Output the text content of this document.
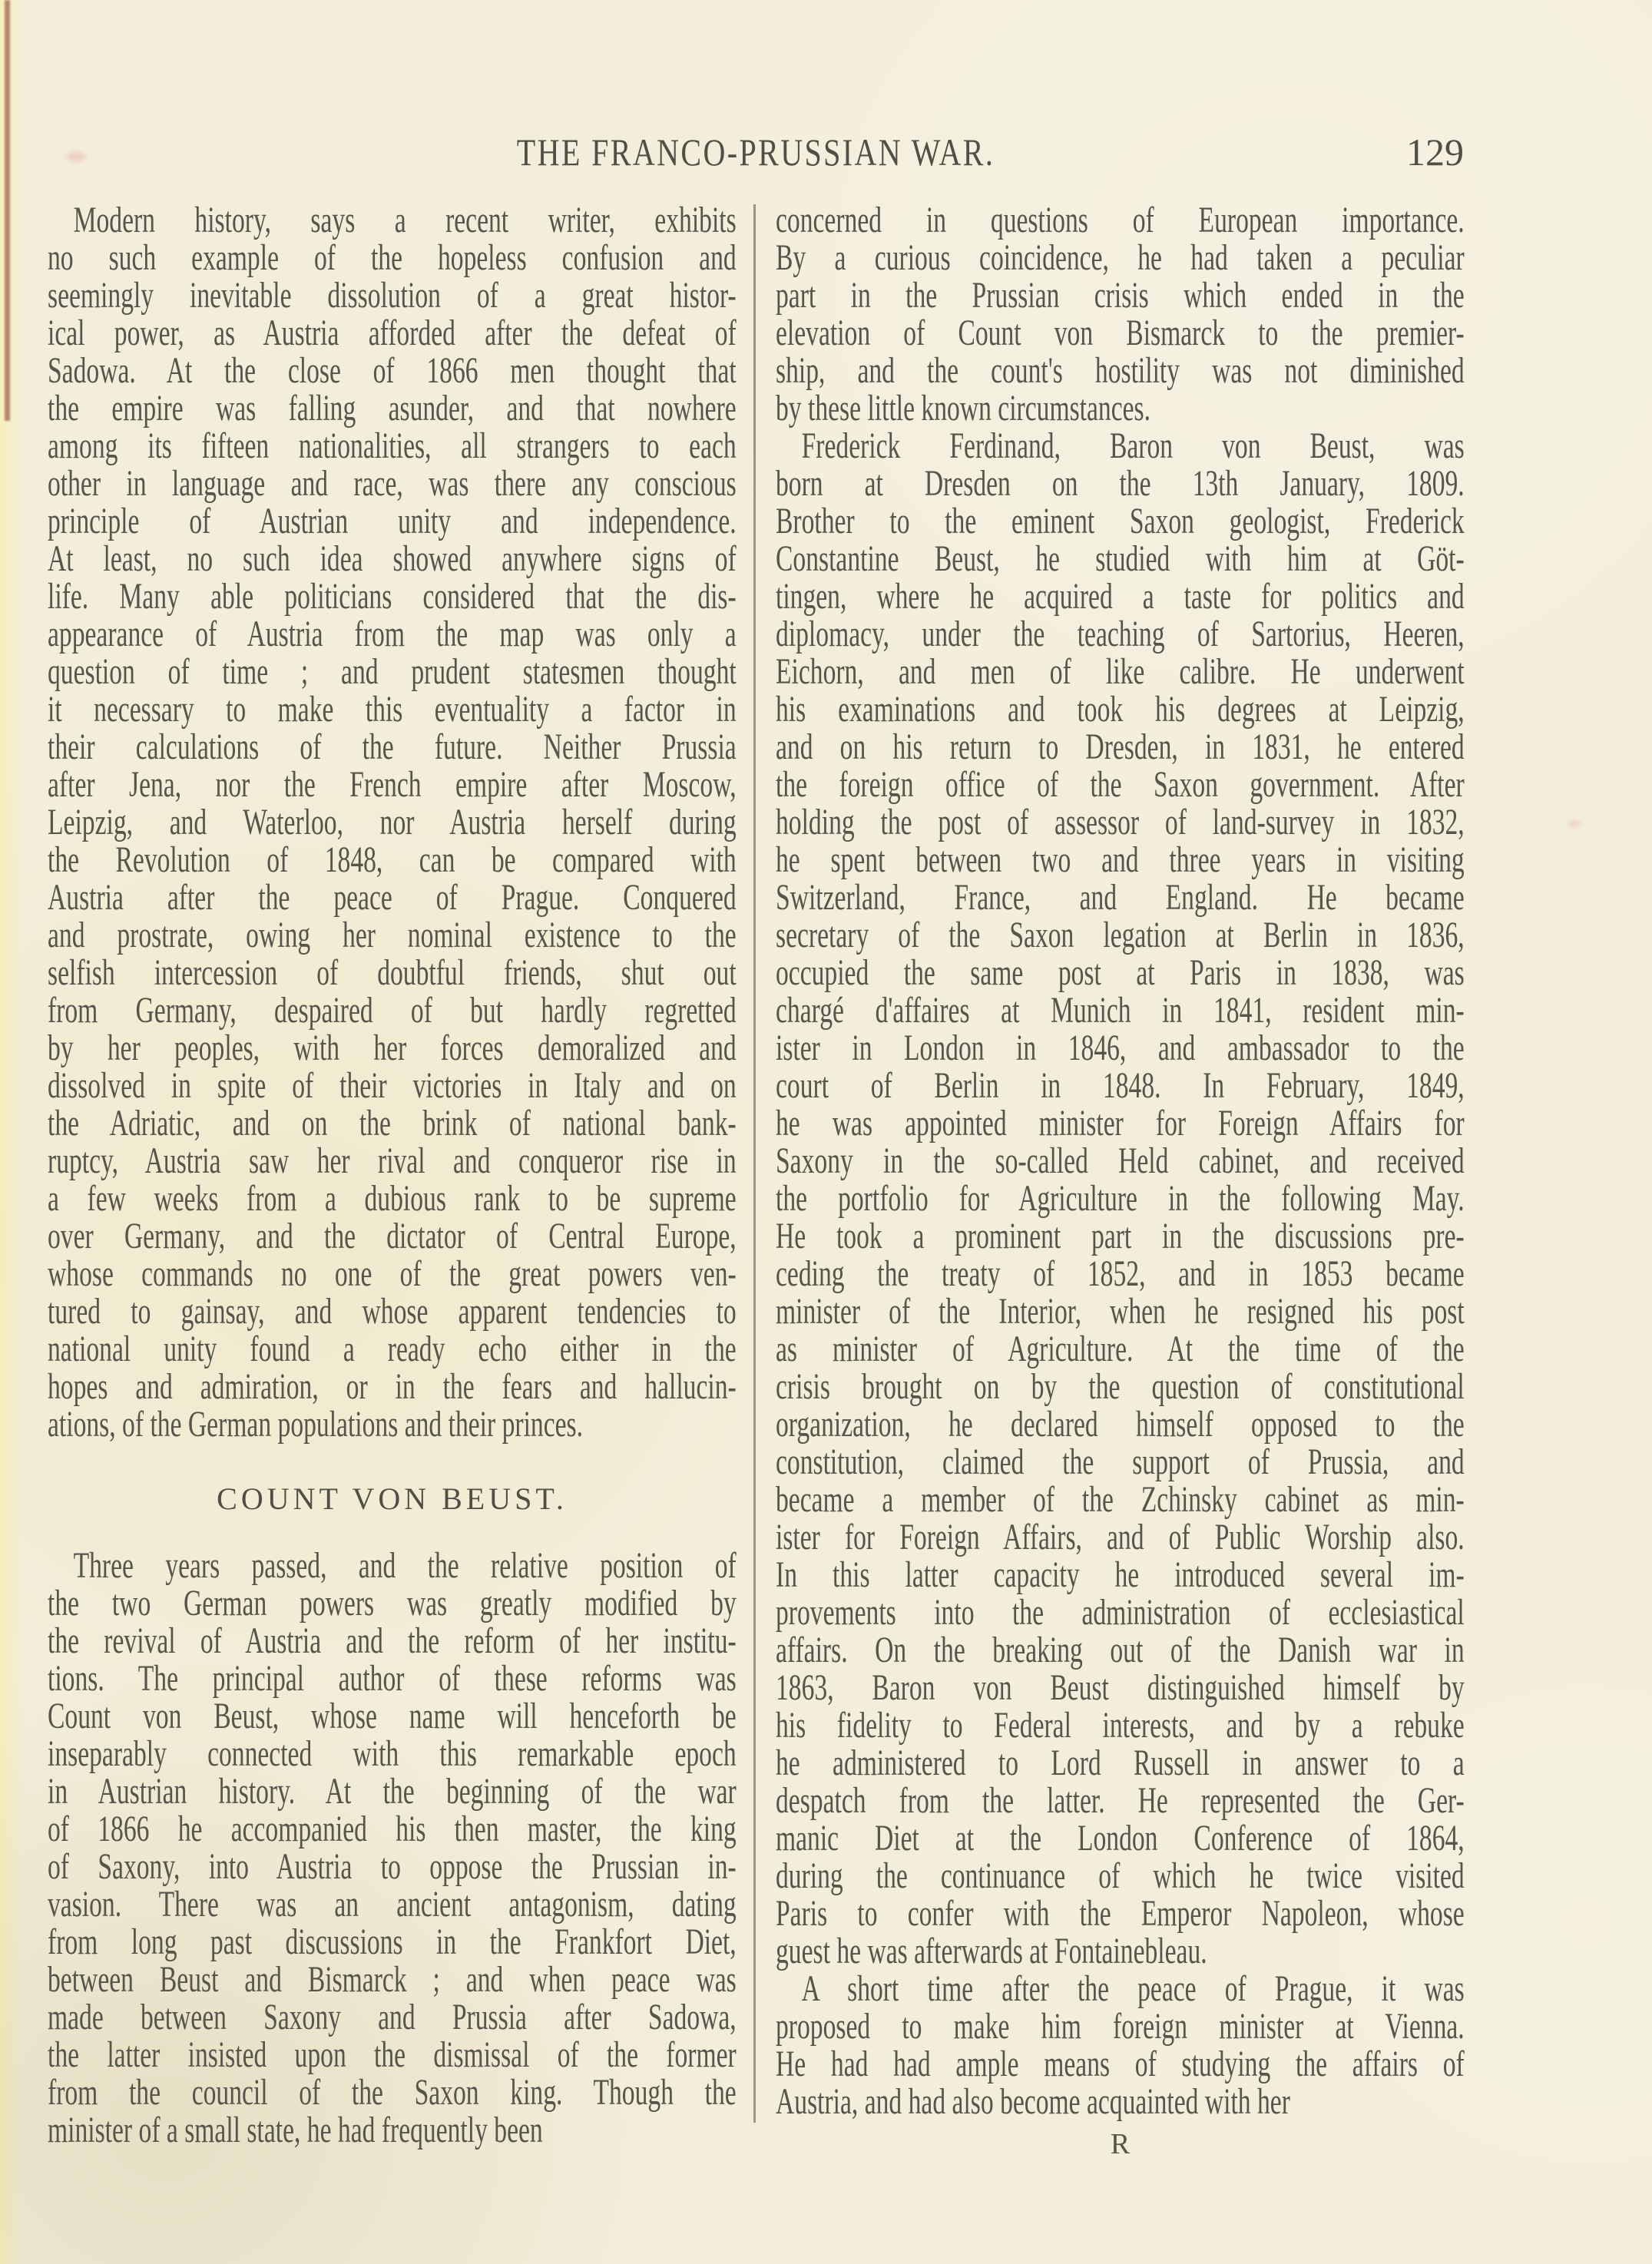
THE FRANCO-PRUSSIAN WAR.	129
Modern history, says a recent writer, exhibits
no such example of the hopeless confusion and
seemingly inevitable dissolution of a great histor-
ical power, as Austria afforded after the defeat of
Sadowa. At the close of 1866 men thought that
the empire was falling asunder, and that nowhere
among its fifteen nationalities, all strangers to each
other in language and race, was there any conscious
principle of Austrian unity and independence.
At least, no such idea showed anywhere signs of
life. Many able politicians considered that the dis-
appearance of Austria from the map was only a
question of time ; and prudent statesmen thought
it necessary to make this eventuality a factor in
their calculations of the future. Neither Prussia
after Jena, nor the French empire after Moscow,
Leipzig, and Waterloo, nor Austria herself during
the Revolution of 1848, can be compared with
Austria after the peace of Prague. Conquered
and prostrate, owing her nominal existence to the
selfish intercession of doubtful friends, shut out
from Germany, despaired of but hardly regretted
by her peoples, with her forces demoralized and
dissolved in spite of their victories in Italy and on
the Adriatic, and on the brink of national bank-
ruptcy, Austria saw her rival and conqueror rise in
a few weeks from a dubious rank to be supreme
over Germany, and the dictator of Central Europe,
whose commands no one of the great powers ven-
tured to gainsay, and whose apparent tendencies to
national unity found a ready echo either in the
hopes and admiration, or in the fears and hallucin-
ations, of the German populations and their princes.
COUNT VON BEUST.
Three years passed, and the relative position of
the two German powers was greatly modified by
the revival of Austria and the reform of her institu-
tions. The principal author of these reforms was
Count von Beust, whose name will henceforth be
inseparably connected with this remarkable epoch
in Austrian history. At the beginning of the war
of 1866 he accompanied his then master, the king
of Saxony, into Austria to oppose the Prussian in-
vasion. There was an ancient antagonism, dating
from long past discussions in the Frankfort Diet,
between Beust and Bismarck ; and when peace was
made between Saxony and Prussia after Sadowa,
the latter insisted upon the dismissal of the former
from the council of the Saxon king. Though the
minister of a small state, he had frequently been
concerned in questions of European importance.
By a curious coincidence, he had taken a peculiar
part in the Prussian crisis which ended in the
elevation of Count von Bismarck to the premier-
ship, and the count's hostility was not diminished
by these little known circumstances.
Frederick Ferdinand, Baron von Beust, was
born at Dresden on the 13th January, 1809.
Brother to the eminent Saxon geologist, Frederick
Constantine Beust, he studied with him at Göt-
tingen, where he acquired a taste for politics and
diplomacy, under the teaching of Sartorius, Heeren,
Eichorn, and men of like calibre. He underwent
his examinations and took his degrees at Leipzig,
and on his return to Dresden, in 1831, he entered
the foreign office of the Saxon government. After
holding the post of assessor of land-survey in 1832,
he spent between two and three years in visiting
Switzerland, France, and England. He became
secretary of the Saxon legation at Berlin in 1836,
occupied the same post at Paris in 1838, was
chargé d'affaires at Munich in 1841, resident min-
ister in London in 1846, and ambassador to the
court of Berlin in 1848. In February, 1849,
he was appointed minister for Foreign Affairs for
Saxony in the so-called Held cabinet, and received
the portfolio for Agriculture in the following May.
He took a prominent part in the discussions pre-
ceding the treaty of 1852, and in 1853 became
minister of the Interior, when he resigned his post
as minister of Agriculture. At the time of the
crisis brought on by the question of constitutional
organization, he declared himself opposed to the
constitution, claimed the support of Prussia, and
became a member of the Zchinsky cabinet as min-
ister for Foreign Affairs, and of Public Worship also.
In this latter capacity he introduced several im-
provements into the administration of ecclesiastical
affairs. On the breaking out of the Danish war in
1863, Baron von Beust distinguished himself by
his fidelity to Federal interests, and by a rebuke
he administered to Lord Russell in answer to a
despatch from the latter. He represented the Ger-
manic Diet at the London Conference of 1864,
during the continuance of which he twice visited
Paris to confer with the Emperor Napoleon, whose
guest he was afterwards at Fontainebleau.
A short time after the peace of Prague, it was
proposed to make him foreign minister at Vienna.
He had had ample means of studying the affairs of
Austria, and had also become acquainted with her
R
